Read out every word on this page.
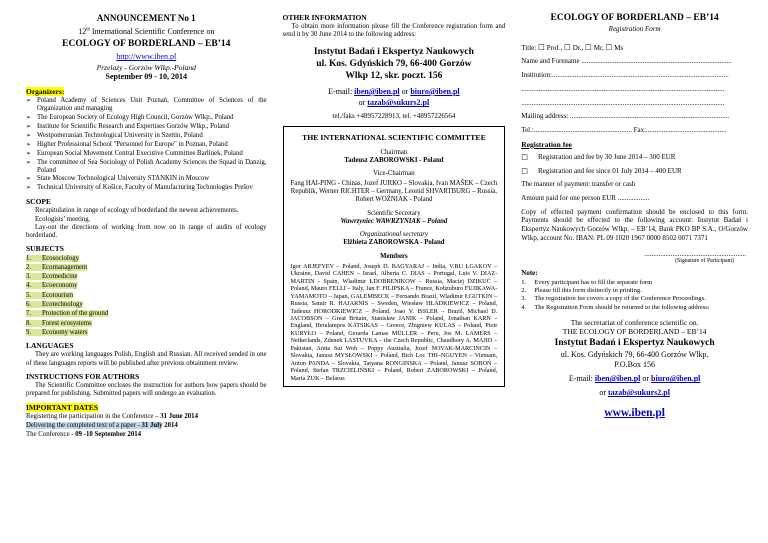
ANNOUNCEMENT No 1
12th International Scientific Conference on
ECOLOGY OF BORDERLAND – EB’14
http://www.iben.pl
Przelazy - Gorzów Wlkp.-Poland
September 09 - 10, 2014
Organizers:
➢ Poland Academy of Sciences Unit Poznań, Committee of Sciences of the Organization and managing
➢ The European Society of Ecology High Council, Gorzów Wlkp., Poland
➢ Institute for Scientific Research and Expertises Gorzów Wlkp., Poland
➢ Westpomeranian Technological University in Szettin, Poland
➢ Higher Professional School "Personnel for Europe" in Poznan, Poland
➢ European Social Movement Central Executive Committee Barlinek, Poland
➢ The committee of Sea Sociology of Polish Academy Sciences the Squad in Danzig, Poland
➢ State Moscow Technological University STANKIN in Moscow
➢ Technical University of Košice, Faculty of Manufacturing Technologies Prešov
SCOPE
Recapitulation in range of ecology of borderland the newest achievements.
Ecologists’ meeting.
Lay-out the directions of working from now on in range of audits of ecology borderland.
SUBJECTS
1. Ecosociology
2. Ecomanagement
3. Ecomedicine
4. Ecoeconomy
5. Ecotourism
6. Ecotechnology
7. Protection of the ground
8. Forest ecosystems
9. Economy waters
LANGUAGES

They are working languages Polish, English and Russian. All received sended in one of these languages reports will be published after previous obtainment review.

INSTRUCTIONS FOR AUTHORS

The Scientific Committee encloses the instruction for authors how papers should be prepared for publishing. Submitted papers will undergo an evaluation.

IMPORTANT DATES
Registering the participation in the Conference – 31 June 2014
Delivering the completed text of a paper - 31 July 2014
The Conference - 09 -10 September 2014
OTHER INFORMATION

To obtain more information please fill the Conference registration form and send it by 30 June 2014 to the following address:

Instytut Badań i Ekspertyz Naukowych
ul. Kos. Gdyńskich 79, 66-400 Gorzów
Wlkp 12, skr. poczt. 156
E-mail: iben@iben.pl or biuro@iben.pl
or tazab@sukurs2.pl
tel./faks +48957228913, tel. +48957226564
THE INTERNATIONAL SCIENTIFIC COMMITTEE
Chairman
Tadeusz ZABOROWSKI - Poland
Vice-Chairman
Fang HAI-PING - Chinas, Jozef JURKO – Slovakia, Ivan MAŠEK – Czech Republik, Werner RICHTER – Germany, Leonid SHVARTBURG – Russia, Robert WOŹNIAK - Poland
Scientific Secretary
Wawrzyniec WAWRZYNIAK – Poland
Organizational secretary
Elżbieta ZABOROWSKA - Poland
Members
Igor ARJEFYEV – Poland, Joseph D. BAGYARAJ – India, V.BU ŁGAKOV – Ukraine, David CAHEN – Israel, Alberta C. DIAS – Portugal, Luis V. DIAZ-MARTIN - Spain, Wladimir ŁDOBRENIKOW – Russia, Maciej DZIKUĆ – Poland, Mauro FELLI – Italy, Jan F. FILIPSKA – France, Kohzuburo FUJIKAWA-YAMAMOTO – Japan, GALEMBECK – Fernando Brazil, Wladimir ŁGUTKIN – Russia, Samir R. HAJARNIS – Sweden, Wiesław HŁADKIEWICZ – Poland, Tadeusz HORODKIEWICZ – Poland, Joao V. ISSLER – Brazil, Michael D. JACOBSON – Great Britain, Stanisław JANIK – Poland, Jonathan KARN – England, Heralampos KATSIKAS – Greece, Zbigniew KULAS – Poland, Piotr KURYŁO – Poland, Gerarda Lamas MÜLLER – Peru, Jos M. LAMERS – Netherlands, Zdenek LASTUVKA – the Czech Republic, Chaudhory A. MAJID – Pakistan, Anita Sui Woh – Poppy Australia, Jozef NOVAK-MARCINCIN – Slovakia, Janusz MYSŁOWSKI – Poland, Bich Loc THI–NGUYEN – Vietnam, Anton PANDA – Slovakia, Tatyana RONGINSKA – Poland, Janusz SOBOŃ – Poland, Stefan TRZCIELIŃSKI – Poland, Robert ZABOROWSKI – Poland, Maria ŻUK – Belarus
ECOLOGY OF BORDERLAND – EB’14
Registration Form
Title: ☐ Prof., ☐ Dr., ☐ Mr, ☐ Ms
Name and Forename ......................................................................................
Institution:.....................................................................................................
....................................................................................................................
....................................................................................................................
Mailing address: ...........................................................................................
Tel.:........................................................ Fax:..............................................
Registration fee
☐ Registration and fee by 30 June 2014 – 300 EUR
☐ Registration and fee since 01 July 2014 – 400 EUR
The manner of payment: transfer or cash
Amount paid for one person EUR ..................

Copy of effected payment confirmation should be enclosed to this form. Payments should be effected to the following account: Instytut Badań i Ekspertyz Naukowych Gorzów Wlkp. – EB’14, Bank PKO BP S.A., O/Gorzów Wlkp, account No. IBAN: PL 09 1020 1967 0000 8502 0071 7371

..........................................................
(Signature of Participant)
Note:
1.	Every participant has to fill the separate form
2.	Please fill this form distinctly in printing.
3.	The registration fee covers a copy of the Conference Proceedings.
4.	The Registration Form should be returned to the following address:
The secretariat of conference scientific on.
THE ECOLOGY OF BORDERLAND – EB’14
Instytut Badań i Ekspertyz Naukowych
ul. Kos. Gdyńskich 79, 66-400 Gorzów Wlkp.
P.O.Box 156
E-mail: iben@iben.pl or biuro@iben.pl
or tazab@sukurs2.pl
www.iben.pl
